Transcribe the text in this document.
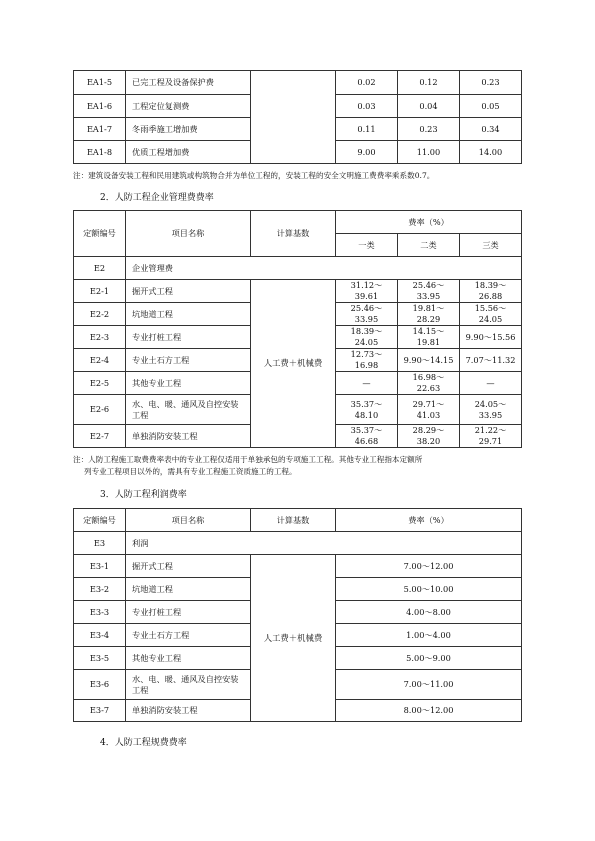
EA1-5	已完工程及设备保护费		0.02	0.12	0.23
EA1-6	工程定位复测费		0.03	0.04	0.05
EA1-7	冬雨季施工增加费		0.11	0.23	0.34
EA1-8	优质工程增加费		9.00	11.00	14.00
注：建筑设备安装工程和民用建筑或构筑物合并为单位工程的，安装工程的安全文明施工费费率乘系数0.7。
2．人防工程企业管理费费率
定额编号	项目名称	计算基数	费率（%）		
			一类	二类	三类
E2	企业管理费				
E2-1	掘开式工程	人工费＋机械费	31.12～39.61	25.46～33.95	18.39～26.88
E2-2	坑地道工程		25.46～33.95	19.81～28.29	15.56～24.05
E2-3	专业打桩工程		18.39～24.05	14.15～19.81	9.90～15.56
E2-4	专业土石方工程		12.73～16.98	9.90～14.15	7.07～11.32
E2-5	其他专业工程		—	16.98～22.63	—
E2-6	水、电、暖、通风及自控安装工程		35.37～48.10	29.71～41.03	24.05～33.95
E2-7	单独消防安装工程		35.37～46.68	28.29～38.20	21.22～29.71
注：人防工程施工取费费率表中的专业工程仅适用于单独承包的专项施工工程。其他专业工程指本定额所
列专业工程项目以外的，需具有专业工程施工资质施工的工程。
3．人防工程利润费率
定额编号	项目名称	计算基数	费率（%）
E3	利润		
E3-1	掘开式工程	人工费＋机械费	7.00～12.00
E3-2	坑地道工程		5.00～10.00
E3-3	专业打桩工程		4.00～8.00
E3-4	专业土石方工程		1.00～4.00
E3-5	其他专业工程		5.00～9.00
E3-6	水、电、暖、通风及自控安装工程		7.00～11.00
E3-7	单独消防安装工程		8.00～12.00
4．人防工程规费费率
